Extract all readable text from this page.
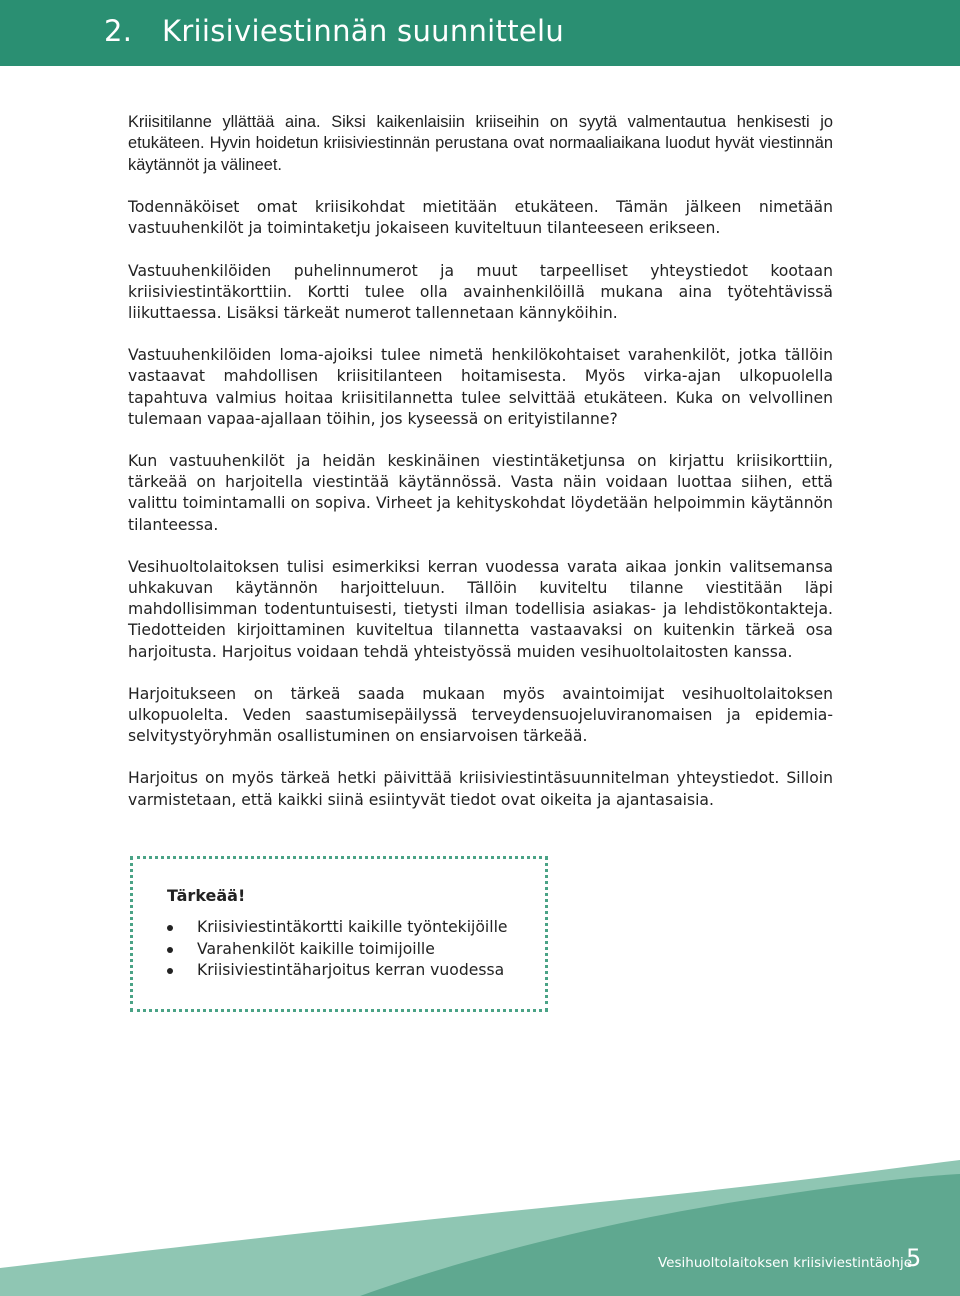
2. Kriisiviestinnän suunnittelu

Kriisitilanne yllättää aina. Siksi kaikenlaisiin kriiseihin on syytä valmentautua henkisesti jo etukäteen. Hyvin hoidetun kriisiviestinnän perustana ovat normaaliaikana luodut hyvät viestinnän käytännöt ja välineet.

Todennäköiset omat kriisikohdat mietitään etukäteen. Tämän jälkeen nimetään vastuuhenkilöt ja toimintaketju jokaiseen kuviteltuun tilanteeseen erikseen.

Vastuuhenkilöiden puhelinnumerot ja muut tarpeelliset yhteystiedot kootaan kriisiviestintäkorttiin. Kortti tulee olla avainhenkilöillä mukana aina työtehtävissä liikuttaessa. Lisäksi tärkeät numerot tallennetaan kännyköihin.

Vastuuhenkilöiden loma-ajoiksi tulee nimetä henkilökohtaiset varahenkilöt, jotka tällöin vastaavat mahdollisen kriisitilanteen hoitamisesta. Myös virka-ajan ulkopuolella tapahtuva valmius hoitaa kriisitilannetta tulee selvittää etukäteen. Kuka on velvollinen tulemaan vapaa-ajallaan töihin, jos kyseessä on erityistilanne?

Kun vastuuhenkilöt ja heidän keskinäinen viestintäketjunsa on kirjattu kriisikorttiin, tärkeää on harjoitella viestintää käytännössä. Vasta näin voidaan luottaa siihen, että valittu toimintamalli on sopiva. Virheet ja kehityskohdat löydetään helpoimmin käytännön tilanteessa.

Vesihuoltolaitoksen tulisi esimerkiksi kerran vuodessa varata aikaa jonkin valitsemansa uhkakuvan käytännön harjoitteluun. Tällöin kuviteltu tilanne viestitään läpi mahdollisimman todentuntuisesti, tietysti ilman todellisia asiakas- ja lehdistökontakteja. Tiedotteiden kirjoittaminen kuviteltua tilannetta vastaavaksi on kuitenkin tärkeä osa harjoitusta. Harjoitus voidaan tehdä yhteistyössä muiden vesihuoltolaitosten kanssa.

Harjoitukseen on tärkeä saada mukaan myös avaintoimijat vesihuoltolaitoksen ulkopuolelta. Veden saastumisepäilyssä terveydensuojeluviranomaisen ja epidemia-selvitystyöryhmän osallistuminen on ensiarvoisen tärkeää.

Harjoitus on myös tärkeä hetki päivittää kriisiviestintäsuunnitelman yhteystiedot. Silloin varmistetaan, että kaikki siinä esiintyvät tiedot ovat oikeita ja ajantasaisia.

Tärkeää!
Kriisiviestintäkortti kaikille työntekijöille
Varahenkilöt kaikille toimijoille
Kriisiviestintäharjoitus kerran vuodessa
Vesihuoltolaitoksen kriisiviestintäohje
5
